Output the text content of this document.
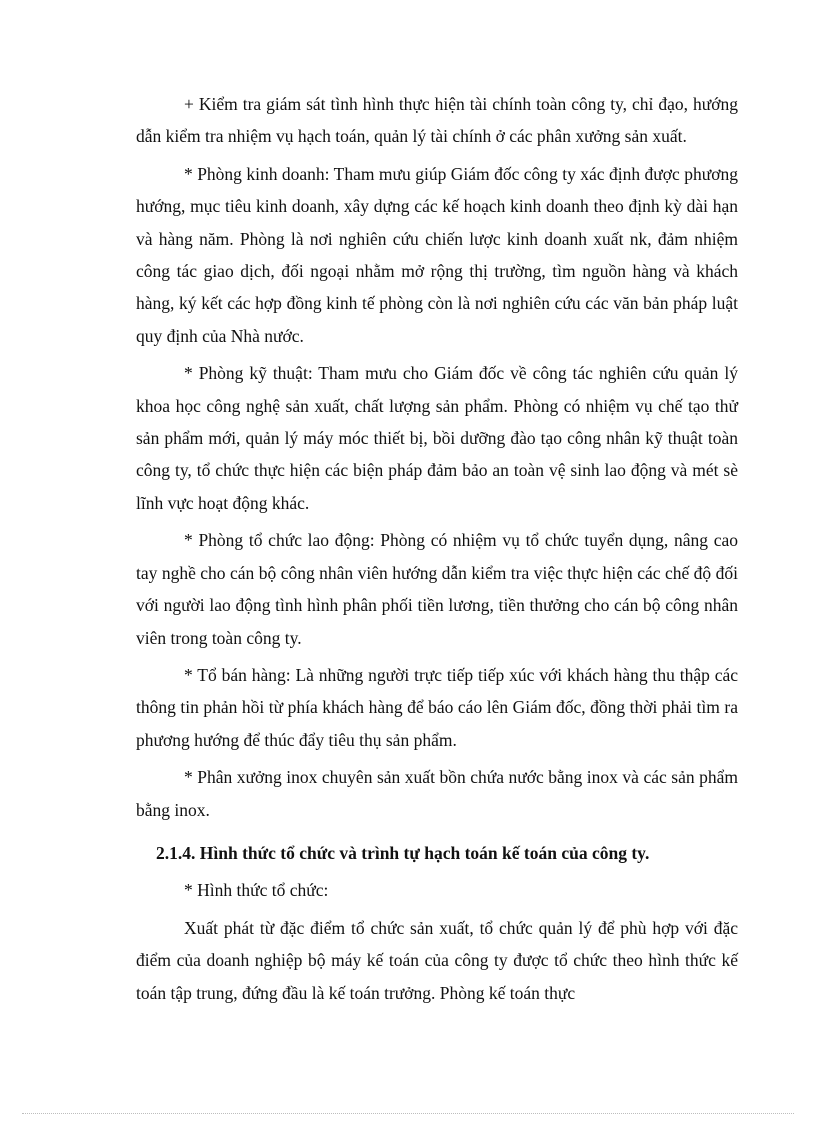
+ Kiểm tra giám sát tình hình thực hiện tài chính toàn công ty, chỉ đạo, hướng dẫn kiểm tra nhiệm vụ hạch toán, quản lý tài chính ở các phân xưởng sản xuất.

* Phòng kinh doanh: Tham mưu giúp Giám đốc công ty xác định được phương hướng, mục tiêu kinh doanh, xây dựng các kế hoạch kinh doanh theo định kỳ dài hạn và hàng năm. Phòng là nơi nghiên cứu chiến lược kinh doanh xuất nk, đảm nhiệm công tác giao dịch, đối ngoại nhằm mở rộng thị trường, tìm nguồn hàng và khách hàng, ký kết các hợp đồng kinh tế phòng còn là nơi nghiên cứu các văn bản pháp luật quy định của Nhà nước.

* Phòng kỹ thuật: Tham mưu cho Giám đốc về công tác nghiên cứu quản lý khoa học công nghệ sản xuất, chất lượng sản phẩm. Phòng có nhiệm vụ chế tạo thử sản phẩm mới, quản lý máy móc thiết bị, bồi dưỡng đào tạo công nhân kỹ thuật toàn công ty, tổ chức thực hiện các biện pháp đảm bảo an toàn vệ sinh lao động và mét sè lĩnh vực hoạt động khác.

* Phòng tổ chức lao động: Phòng có nhiệm vụ tổ chức tuyển dụng, nâng cao tay nghề cho cán bộ công nhân viên hướng dẫn kiểm tra việc thực hiện các chế độ đối với người lao động tình hình phân phối tiền lương, tiền thưởng cho cán bộ công nhân viên trong toàn công ty.

* Tổ bán hàng: Là những người trực tiếp tiếp xúc với khách hàng thu thập các thông tin phản hồi từ phía khách hàng để báo cáo lên Giám đốc, đồng thời phải tìm ra phương hướng để thúc đẩy tiêu thụ sản phẩm.

* Phân xưởng inox chuyên sản xuất bồn chứa nước bằng inox và các sản phẩm bằng inox.

2.1.4. Hình thức tổ chức và trình tự hạch toán kế toán của công ty.

* Hình thức tổ chức:

Xuất phát từ đặc điểm tổ chức sản xuất, tổ chức quản lý để phù hợp với đặc điểm của doanh nghiệp bộ máy kế toán của công ty được tổ chức theo hình thức kế toán tập trung, đứng đầu là kế toán trưởng. Phòng kế toán thực
